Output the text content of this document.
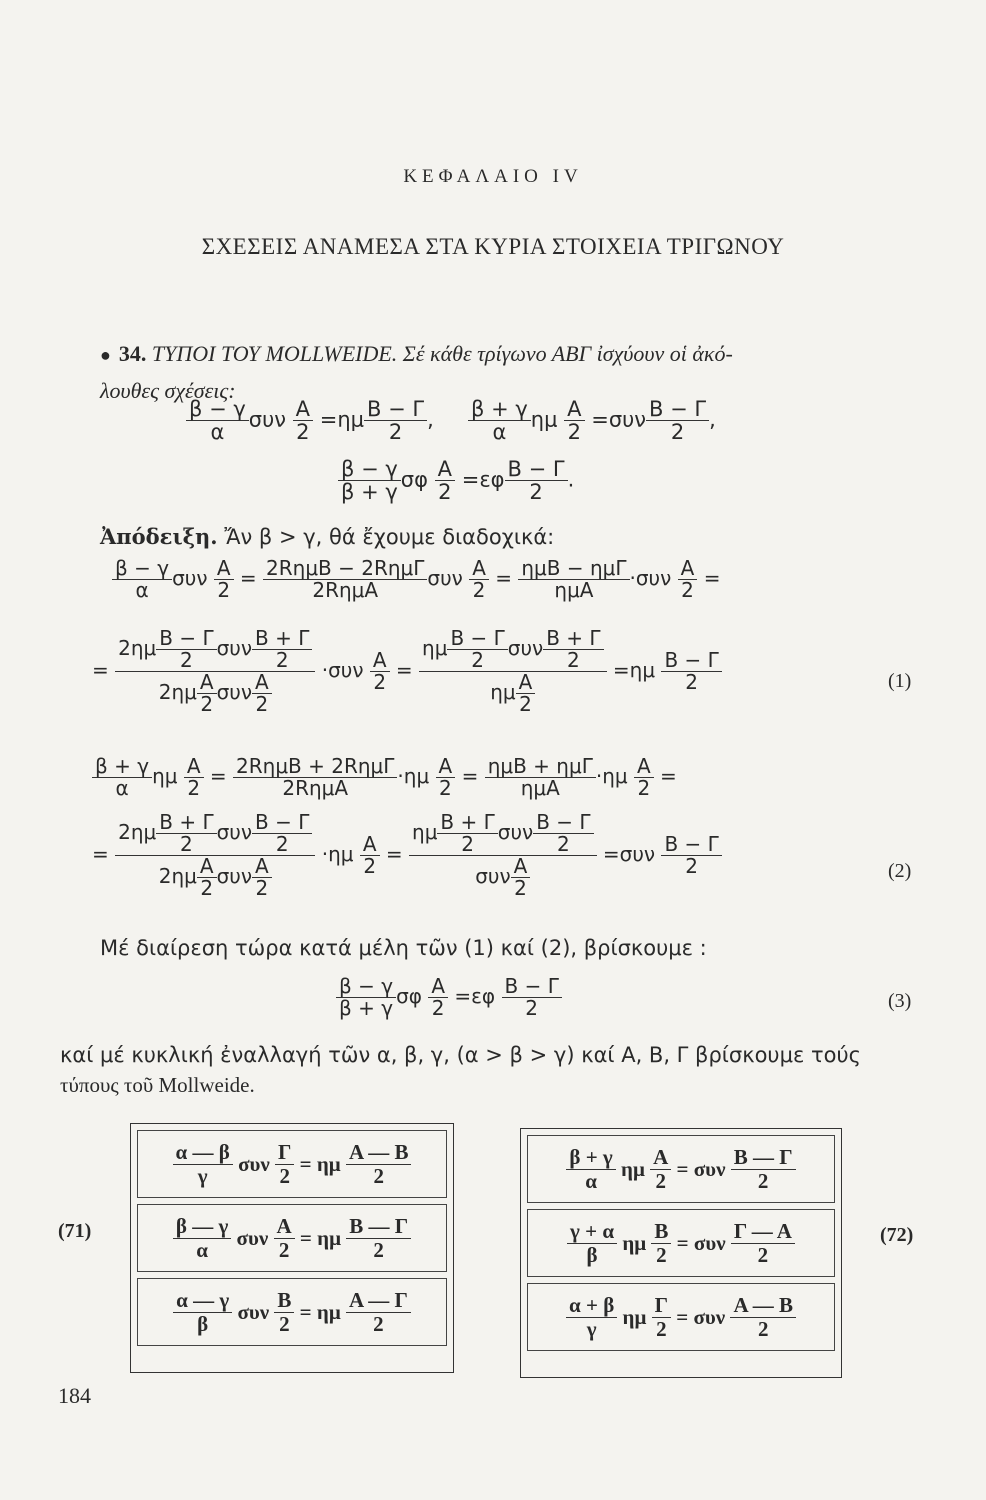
ΚΕΦΑΛΑΙΟ IV
ΣΧΕΣΕΙΣ ΑΝΑΜΕΣΑ ΣΤΑ ΚΥΡΙΑ ΣΤΟΙΧΕΙΑ ΤΡΙΓΩΝΟΥ
● 34. ΤΥΠΟΙ ΤΟΥ MOLLWEIDE. Σέ κάθε τρίγωνο ΑΒΓ ἰσχύουν οἱ ἀκό-
λουθες σχέσεις:
$\frac{\beta - \gamma}{\alpha}$ συν $\frac{A}{2} =\eta\mu \frac{B - \Gamma}{2}$ , $\frac{\beta + \gamma}{\alpha}$ ημ $\frac{A}{2} =\sigma\upsilon\nu \frac{B - \Gamma}{2}$ ,
$\frac{\beta - \gamma}{\beta + \gamma}$ σφ $\frac{A}{2} =\varepsilon\varphi \frac{B - \Gamma}{2}$ .
Ἀπόδειξη. Ἄν β > γ, θά ἔχουμε διαδοχικά:
$\frac{\beta - \gamma}{\alpha}$ συν $\frac{A}{2} = \frac{\text{2RημΒ − 2RημΓ}}{\text{2RημΑ}}$ συν $\frac{A}{2} = \frac{\text{ημΒ − ημΓ}}{\text{ημΑ}} \cdot\sigma\upsilon\nu \frac{A}{2}$ =
= $\frac{2\eta\mu \frac{B - \Gamma}{2} \sigma\upsilon\nu \frac{B + \Gamma}{2}}{2\eta\mu \frac{A}{2} \sigma\upsilon\nu \frac{A}{2}} \cdot\sigma\upsilon\nu \frac{A}{2} = \frac{\eta\mu \frac{B - \Gamma}{2} \sigma\upsilon\nu \frac{B + \Gamma}{2}}{\eta\mu \frac{A}{2}} =\eta\mu \frac{B - \Gamma}{2}$	(1)
$\frac{\beta + \gamma}{\alpha}$ ημ $\frac{A}{2} = \frac{\text{2RημΒ + 2RημΓ}}{\text{2RημΑ}} \cdot\eta\mu \frac{A}{2} = \frac{\text{ημΒ + ημΓ}}{\text{ημΑ}} \cdot\eta\mu \frac{A}{2}$ =
= $\frac{2\eta\mu \frac{B + \Gamma}{2} \sigma\upsilon\nu \frac{B - \Gamma}{2}}{2\eta\mu \frac{A}{2} \sigma\upsilon\nu \frac{A}{2}} \cdot\eta\mu \frac{A}{2} = \frac{\eta\mu \frac{B + \Gamma}{2} \sigma\upsilon\nu \frac{B - \Gamma}{2}}{\sigma\upsilon\nu \frac{A}{2}} =\sigma\upsilon\nu \frac{B - \Gamma}{2}$	(2)
Μέ διαίρεση τώρα κατά μέλη τῶν (1) καί (2), βρίσκουμε :
$\frac{\beta - \gamma}{\beta + \gamma}$ σφ $\frac{A}{2} =\varepsilon\varphi \frac{B - \Gamma}{2}$	(3)
καί μέ κυκλική ἐναλλαγή τῶν α, β, γ, (α > β > γ) καί Α, Β, Γ βρίσκουμε τούς
τύπους τοῦ Mollweide.
(71)	(72)
$\frac{\alpha — \beta}{\gamma}$
συν
$\frac{\Gamma}{2}$
=
ημ
$\frac{A — B}{2}$
$\frac{\beta — \gamma}{\alpha}$
συν
$\frac{A}{2}$
=
ημ
$\frac{B — \Gamma}{2}$
$\frac{\alpha — \gamma}{\beta}$
συν
$\frac{B}{2}$
=
ημ
$\frac{A — \Gamma}{2}$
$\frac{\beta + \gamma}{\alpha}$
ημ
$\frac{A}{2}$
=
συν
$\frac{B — \Gamma}{2}$
$\frac{\gamma + \alpha}{\beta}$
ημ
$\frac{B}{2}$
=
συν
$\frac{\Gamma — A}{2}$
$\frac{\alpha + \beta}{\gamma}$
ημ
$\frac{\Gamma}{2}$
=
συν
$\frac{A — B}{2}$
184
